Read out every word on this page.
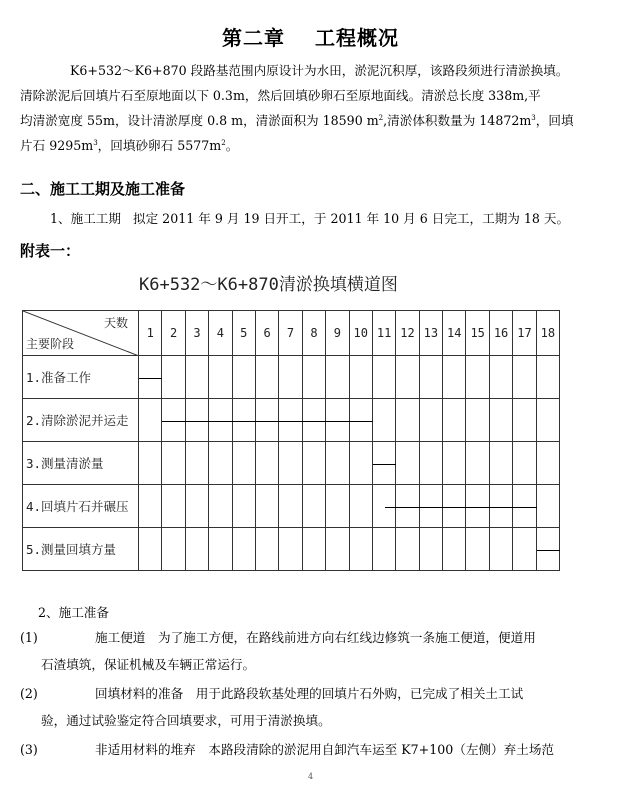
第二章 工程概况
K6+532～K6+870 段路基范围内原设计为水田，淤泥沉积厚，该路段须进行清淤换填。
清除淤泥后回填片石至原地面以下 0.3m，然后回填砂卵石至原地面线。清淤总长度 338m,平
均清淤宽度 55m，设计清淤厚度 0.8 m，清淤面积为 18590 $m^2$,清淤体积数量为 $14872m^3$，回填
片石 $9295m^3$，回填砂卵石 $5577m^2$。
二、施工工期及施工准备
1、施工工期 拟定 2011 年 9 月 19 日开工，于 2011 年 10 月 6 日完工，工期为 18 天。
附表一：
K6+532～K6+870清淤换填横道图
天数
主要阶段	1	2	3	4	5	6	7	8	9	10	11	12	13	14	15	16	17	18
1.准备工作	

2.清除淤泥并运走	

3.测量清淤量	

4.回填片石并碾压	

5.测量回填方量	

2、施工准备
(1)	施工便道　为了施工方便，在路线前进方向右红线边修筑一条施工便道，便道用
石渣填筑，保证机械及车辆正常运行。
(2)	回填材料的准备　用于此路段软基处理的回填片石外购，已完成了相关土工试
验，通过试验鉴定符合回填要求，可用于清淤换填。
(3)	非适用材料的堆弃　本路段清除的淤泥用自卸汽车运至 K7+100（左侧）弃土场范
4
